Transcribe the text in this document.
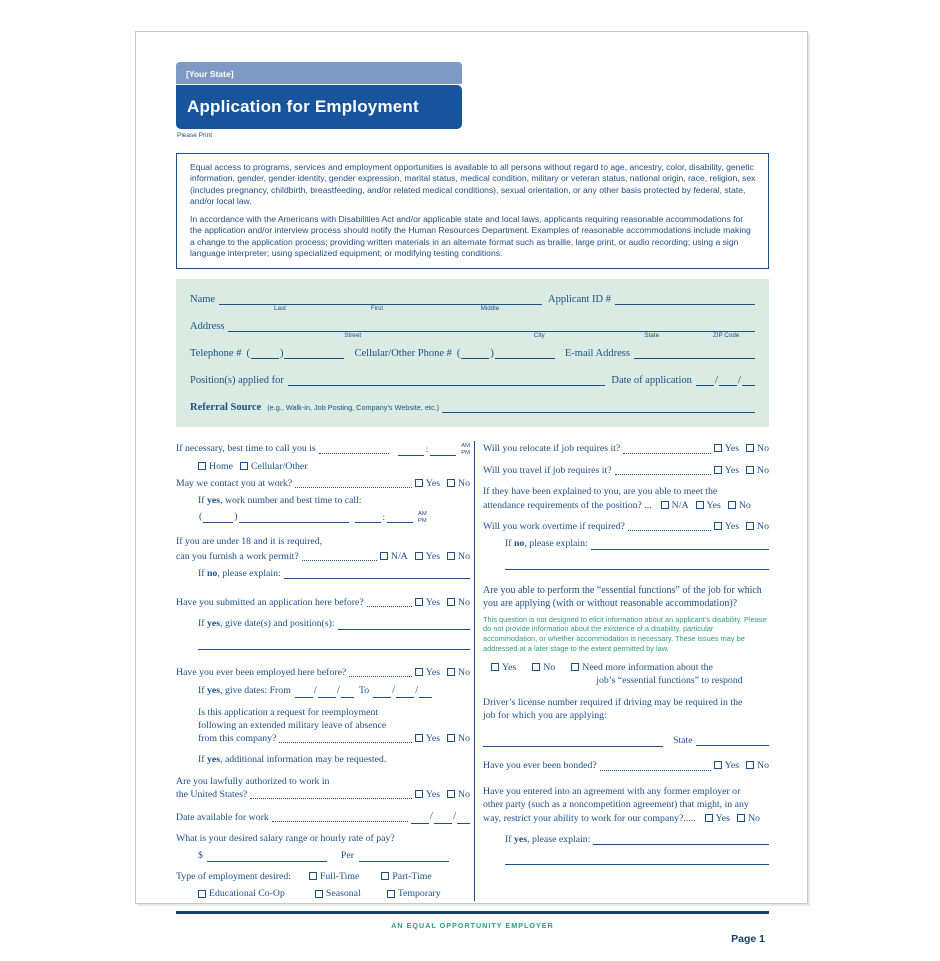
[Your State]
Application for Employment
Please Print

Equal access to programs, services and employment opportunities is available to all persons without regard to age, ancestry, color, disability, genetic information, gender, gender identity, gender expression, marital status, medical condition, military or veteran status, national origin, race, religion, sex (includes pregnancy, childbirth, breastfeeding, and/or related medical conditions), sexual orientation, or any other basis protected by federal, state, and/or local law.

In accordance with the Americans with Disabilities Act and/or applicable state and local laws, applicants requiring reasonable accommodations for the application and/or interview process should notify the Human Resources Department. Examples of reasonable accommodations include making a change to the application process; providing written materials in an alternate format such as braille, large print, or audio recording; using a sign language interpreter; using specialized equipment; or modifying testing conditions.

Name
Last	First	Middle
Applicant ID #
Address
Street	City	State	ZIP Code
Telephone # (	)	Cellular/Other Phone # (	)	E-mail Address
Position(s) applied for	Date of application	/ /
Referral Source (e.g., Walk-in, Job Posting, Company’s Website, etc.)
If necessary, best time to call you is	:	AM
PM
Home Cellular/Other
May we contact you at work?	Yes No
If yes, work number and best time to call:
(	)	:	AM
PM
If you are under 18 and it is required,
can you furnish a work permit?	N/A Yes No
If no, please explain:
Have you submitted an application here before?	Yes No
If yes, give date(s) and position(s):
Have you ever been employed here before?	Yes No
If yes, give dates: From / / To / /
Is this application a request for reemployment
following an extended military leave of absence
from this company?	Yes No
If yes, additional information may be requested.
Are you lawfully authorized to work in
the United States?	Yes No
Date available for work	/ /
What is your desired salary range or hourly rate of pay?
$	Per
Type of employment desired:	Full-Time	Part-Time
Educational Co-Op	Seasonal	Temporary
Will you relocate if job requires it?	Yes No
Will you travel if job requires it?	Yes No
If they have been explained to you, are you able to meet the
attendance requirements of the position? ... N/A Yes No
Will you work overtime if required?	Yes No
If no, please explain:
Are you able to perform the “essential functions” of the job for which you are applying (with or without reasonable accommodation)?
This question is not designed to elicit information about an applicant’s disability. Please do not provide information about the existence of a disability, particular accommodation, or whether accommodation is necessary. These issues may be addressed at a later stage to the extent permitted by law.
Yes	No	Need more information about the
job’s “essential functions” to respond
Driver’s license number required if driving may be required in the
job for which you are applying:
State
Have you ever been bonded?	Yes No
Have you entered into an agreement with any former employer or
other party (such as a noncompetition agreement) that might, in any
way, restrict your ability to work for our company?..... Yes No
If yes, please explain:
AN EQUAL OPPORTUNITY EMPLOYER
Page 1
